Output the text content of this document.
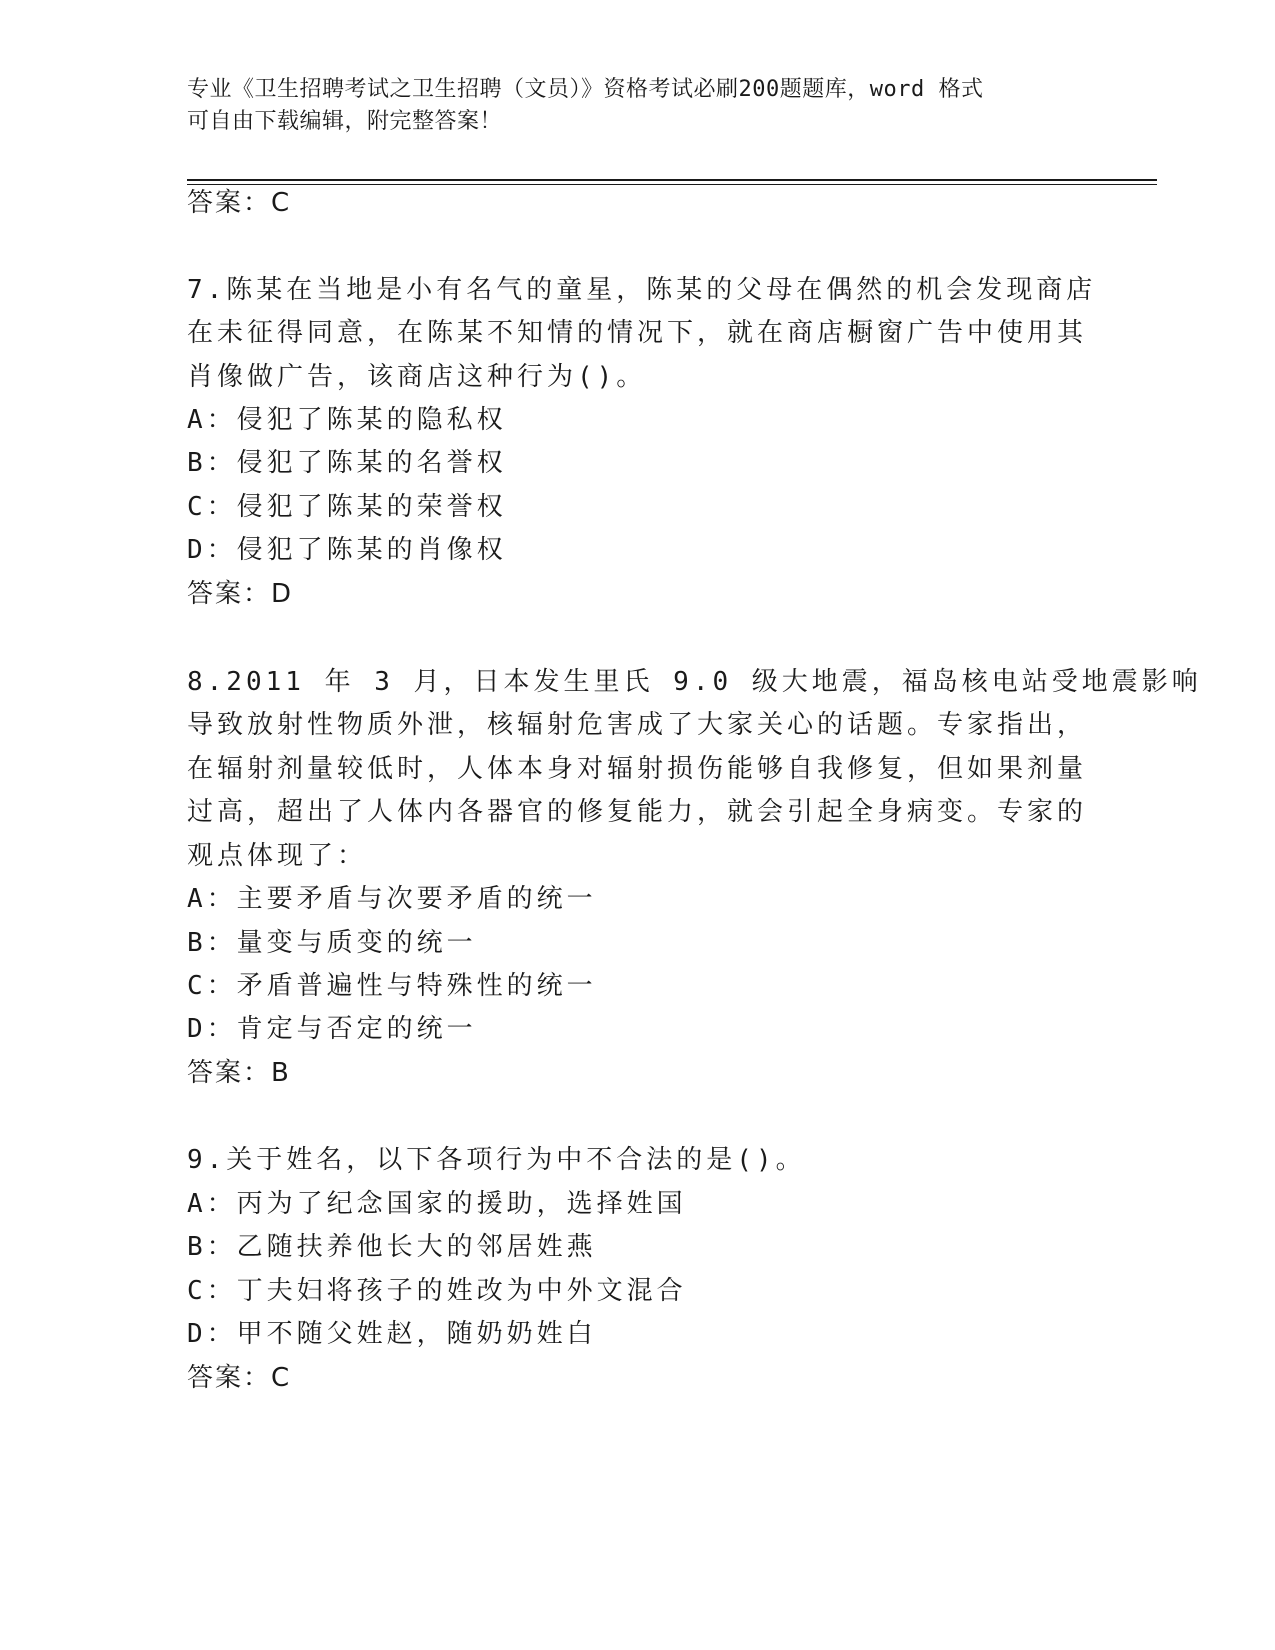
专业《卫生招聘考试之卫生招聘（文员）》资格考试必刷200题题库，word 格式
可自由下载编辑，附完整答案！
答案：C
7.陈某在当地是小有名气的童星，陈某的父母在偶然的机会发现商店
在未征得同意，在陈某不知情的情况下，就在商店橱窗广告中使用其
肖像做广告，该商店这种行为()。
A：侵犯了陈某的隐私权
B：侵犯了陈某的名誉权
C：侵犯了陈某的荣誉权
D：侵犯了陈某的肖像权
答案：D
8.2011 年 3 月，日本发生里氏 9.0 级大地震，福岛核电站受地震影响
导致放射性物质外泄，核辐射危害成了大家关心的话题。专家指出，
在辐射剂量较低时，人体本身对辐射损伤能够自我修复，但如果剂量
过高，超出了人体内各器官的修复能力，就会引起全身病变。专家的
观点体现了：
A：主要矛盾与次要矛盾的统一
B：量变与质变的统一
C：矛盾普遍性与特殊性的统一
D：肯定与否定的统一
答案：B
9.关于姓名，以下各项行为中不合法的是()。
A：丙为了纪念国家的援助，选择姓国
B：乙随扶养他长大的邻居姓燕
C：丁夫妇将孩子的姓改为中外文混合
D：甲不随父姓赵，随奶奶姓白
答案：C
